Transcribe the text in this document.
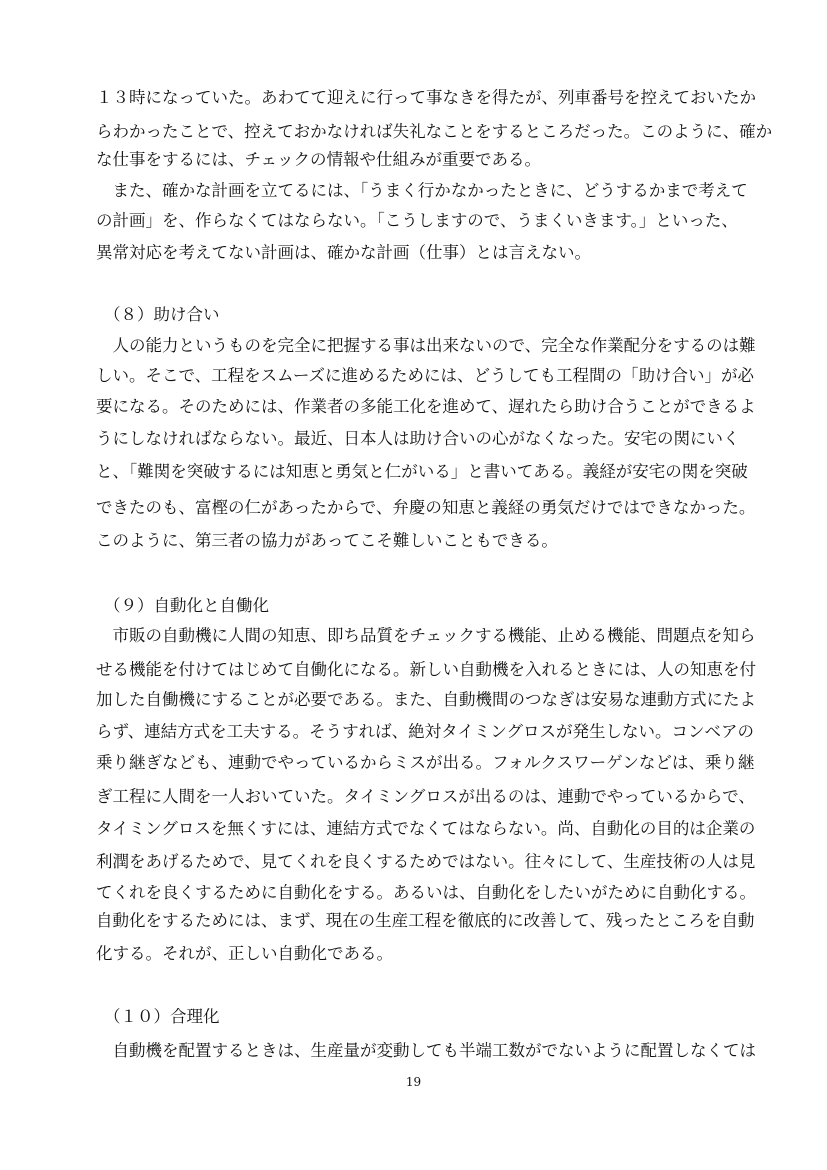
１３時になっていた。あわてて迎えに行って事なきを得たが、列車番号を控えておいたか
らわかったことで、控えておかなければ失礼なことをするところだった。このように、確か
な仕事をするには、チェックの情報や仕組みが重要である。
　また、確かな計画を立てるには、「うまく行かなかったときに、どうするかまで考えて
の計画」を、作らなくてはならない。「こうしますので、うまくいきます。」といった、
異常対応を考えてない計画は、確かな計画（仕事）とは言えない。
（８）助け合い
　人の能力というものを完全に把握する事は出来ないので、完全な作業配分をするのは難
しい。そこで、工程をスムーズに進めるためには、どうしても工程間の「助け合い」が必
要になる。そのためには、作業者の多能工化を進めて、遅れたら助け合うことができるよ
うにしなければならない。最近、日本人は助け合いの心がなくなった。安宅の関にいく
と、「難関を突破するには知恵と勇気と仁がいる」と書いてある。義経が安宅の関を突破
できたのも、富樫の仁があったからで、弁慶の知恵と義経の勇気だけではできなかった。
このように、第三者の協力があってこそ難しいこともできる。
（９）自動化と自働化
　市販の自動機に人間の知恵、即ち品質をチェックする機能、止める機能、問題点を知ら
せる機能を付けてはじめて自働化になる。新しい自動機を入れるときには、人の知恵を付
加した自働機にすることが必要である。また、自動機間のつなぎは安易な連動方式にたよ
らず、連結方式を工夫する。そうすれば、絶対タイミングロスが発生しない。コンベアの
乗り継ぎなども、連動でやっているからミスが出る。フォルクスワーゲンなどは、乗り継
ぎ工程に人間を一人おいていた。タイミングロスが出るのは、連動でやっているからで、
タイミングロスを無くすには、連結方式でなくてはならない。尚、自動化の目的は企業の
利潤をあげるためで、見てくれを良くするためではない。往々にして、生産技術の人は見
てくれを良くするために自動化をする。あるいは、自動化をしたいがために自動化する。
自動化をするためには、まず、現在の生産工程を徹底的に改善して、残ったところを自動
化する。それが、正しい自動化である。
（１０）合理化
　自動機を配置するときは、生産量が変動しても半端工数がでないように配置しなくては
19
